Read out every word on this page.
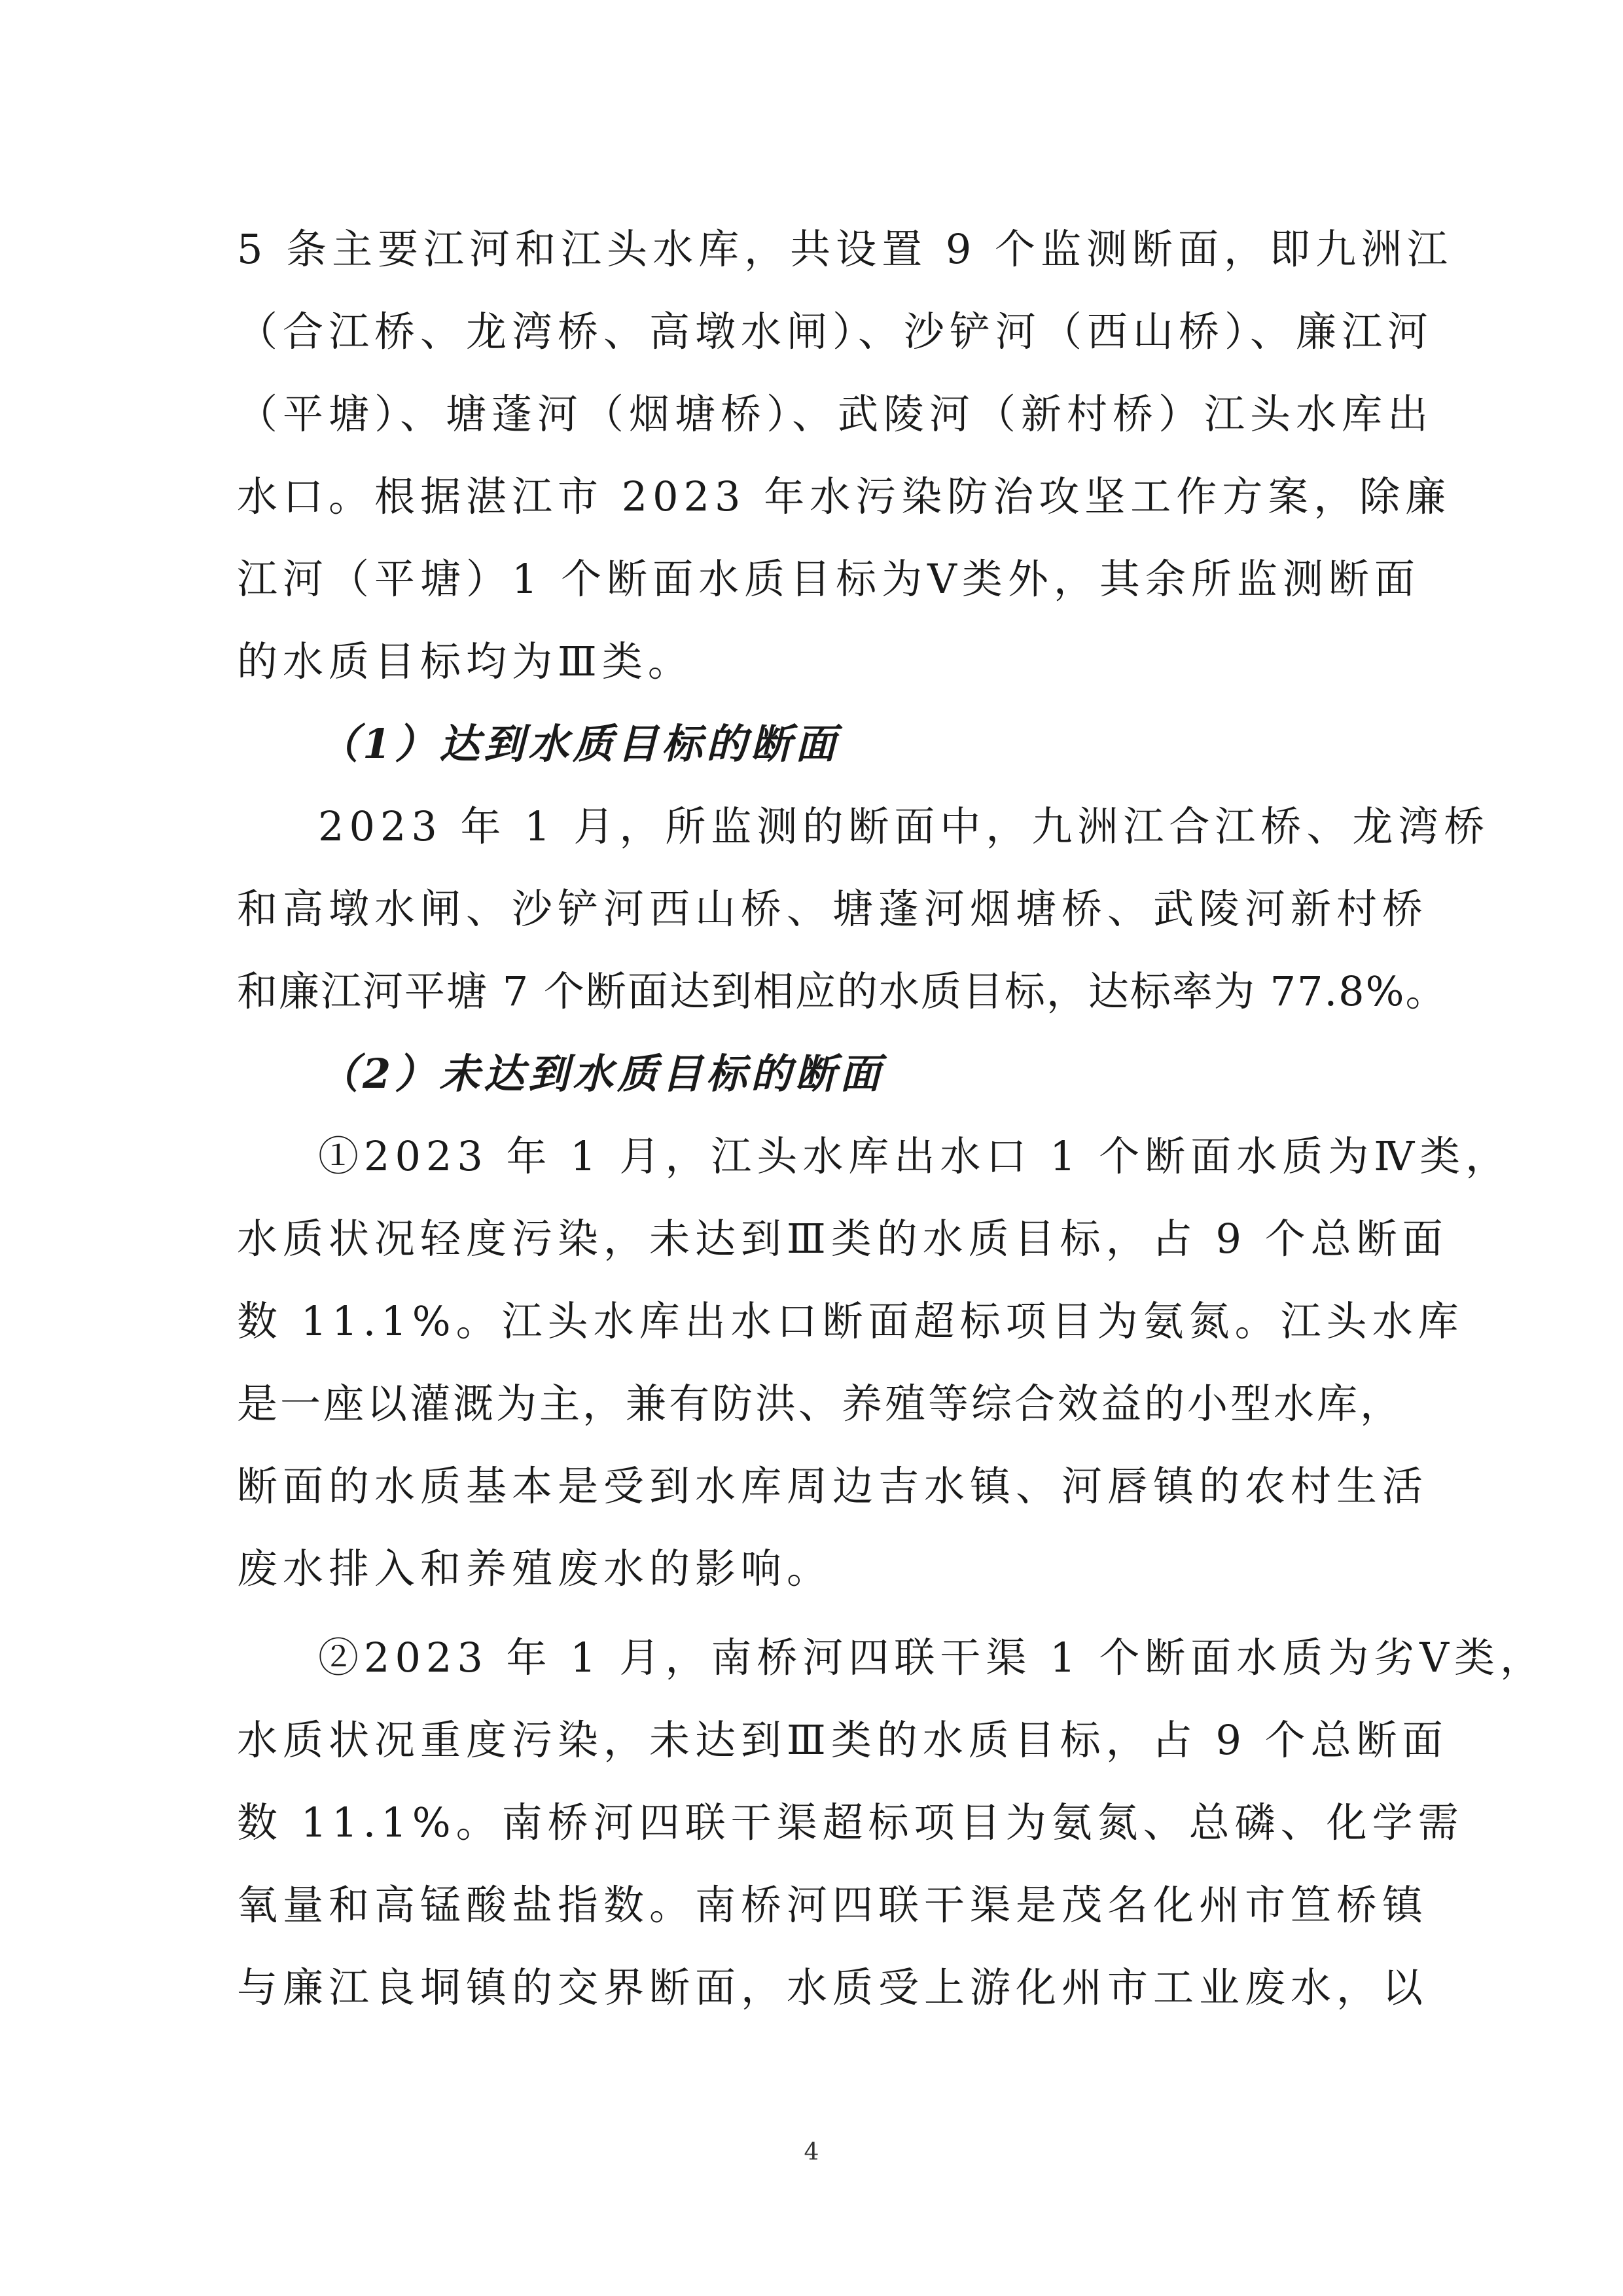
5 条主要江河和江头水库，共设置 9 个监测断面，即九洲江
（合江桥、龙湾桥、高墩水闸）、沙铲河（西山桥）、廉江河
（平塘）、塘蓬河（烟塘桥）、武陵河（新村桥）江头水库出
水口。根据湛江市 2023 年水污染防治攻坚工作方案，除廉
江河（平塘）1 个断面水质目标为Ⅴ类外，其余所监测断面
的水质目标均为Ⅲ类。
（1）达到水质目标的断面
2023 年 1 月，所监测的断面中，九洲江合江桥、龙湾桥
和高墩水闸、沙铲河西山桥、塘蓬河烟塘桥、武陵河新村桥
和廉江河平塘 7 个断面达到相应的水质目标，达标率为 77.8%。
（2）未达到水质目标的断面
①2023 年 1 月，江头水库出水口 1 个断面水质为Ⅳ类，
水质状况轻度污染，未达到Ⅲ类的水质目标，占 9 个总断面
数 11.1%。江头水库出水口断面超标项目为氨氮。江头水库
是一座以灌溉为主，兼有防洪、养殖等综合效益的小型水库，
断面的水质基本是受到水库周边吉水镇、河唇镇的农村生活
废水排入和养殖废水的影响。
②2023 年 1 月，南桥河四联干渠 1 个断面水质为劣Ⅴ类，
水质状况重度污染，未达到Ⅲ类的水质目标，占 9 个总断面
数 11.1%。南桥河四联干渠超标项目为氨氮、总磷、化学需
氧量和高锰酸盐指数。南桥河四联干渠是茂名化州市笪桥镇
与廉江良垌镇的交界断面，水质受上游化州市工业废水，以
4
